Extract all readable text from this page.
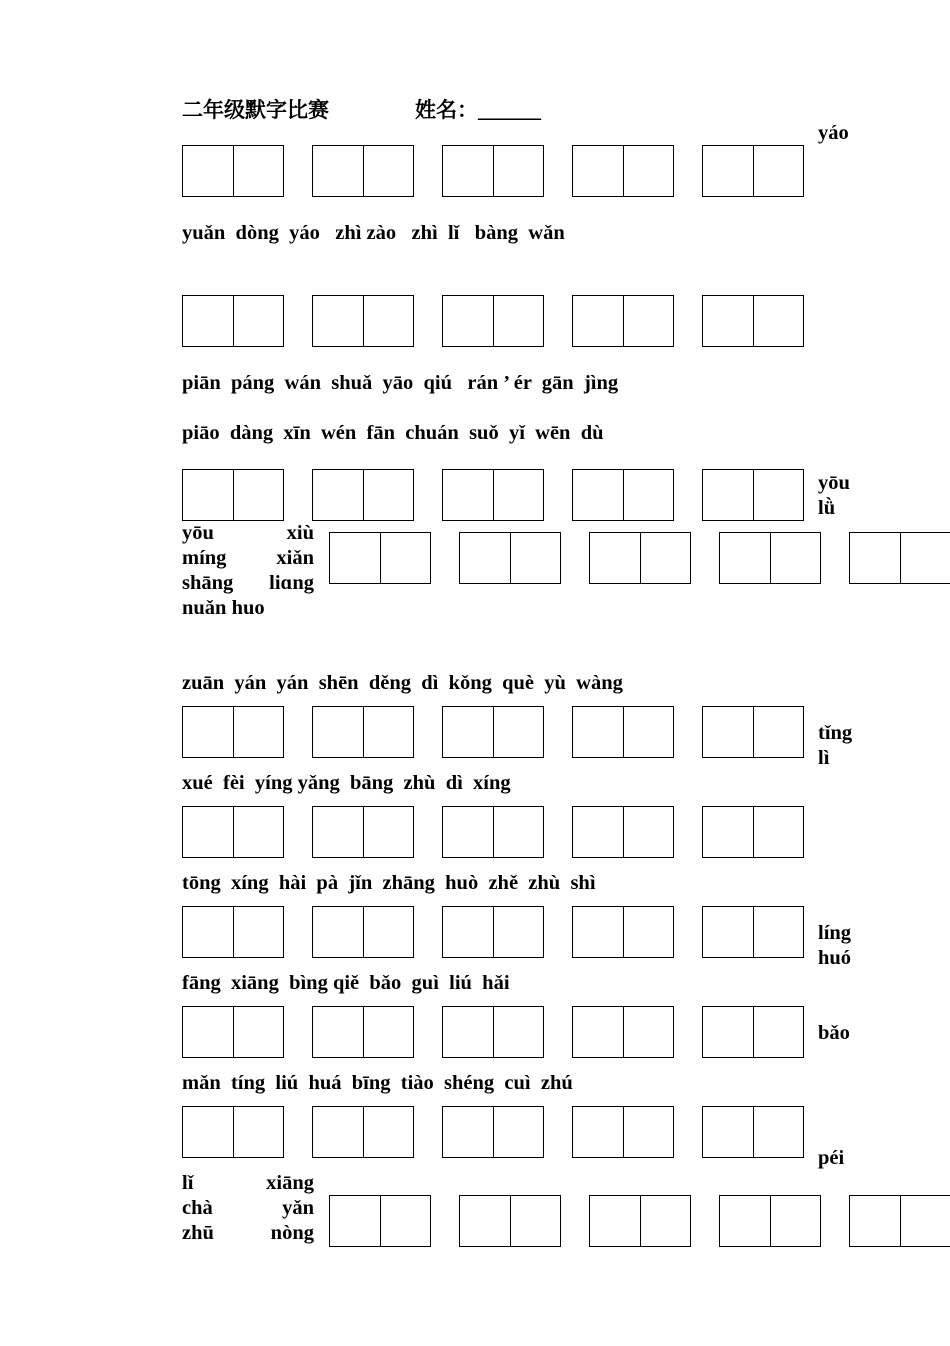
二年级默字比赛	姓名：______
yuǎn  dòng  yáo   zhì zào   zhì  lǐ   bàng  wǎn
piān  páng  wán  shuǎ  yāo  qiú   rán ’ ér  gān  jìng
piāo  dàng  xīn  wén  fān  chuán  suǒ  yǐ  wēn  dù
zuān  yán  yán  shēn  děng  dì  kǒng  què  yù  wàng
xué  fèi  yíng yǎng  bāng  zhù  dì  xíng
tōng  xíng  hài  pà  jǐn  zhāng  huò  zhě  zhù  shì
fāng  xiāng  bìng qiě  bǎo  guì  liú  hǎi
mǎn  tíng  liú  huá  bīng  tiào  shéng  cuì  zhú
yáo
yōu
lǜ
tǐng
lì
líng
huó
bǎo
péi
yōu xiù
míng xiǎn
shāng liɑng
nuǎn huo
lǐ xiāng
chà yǎn
zhū nòng
